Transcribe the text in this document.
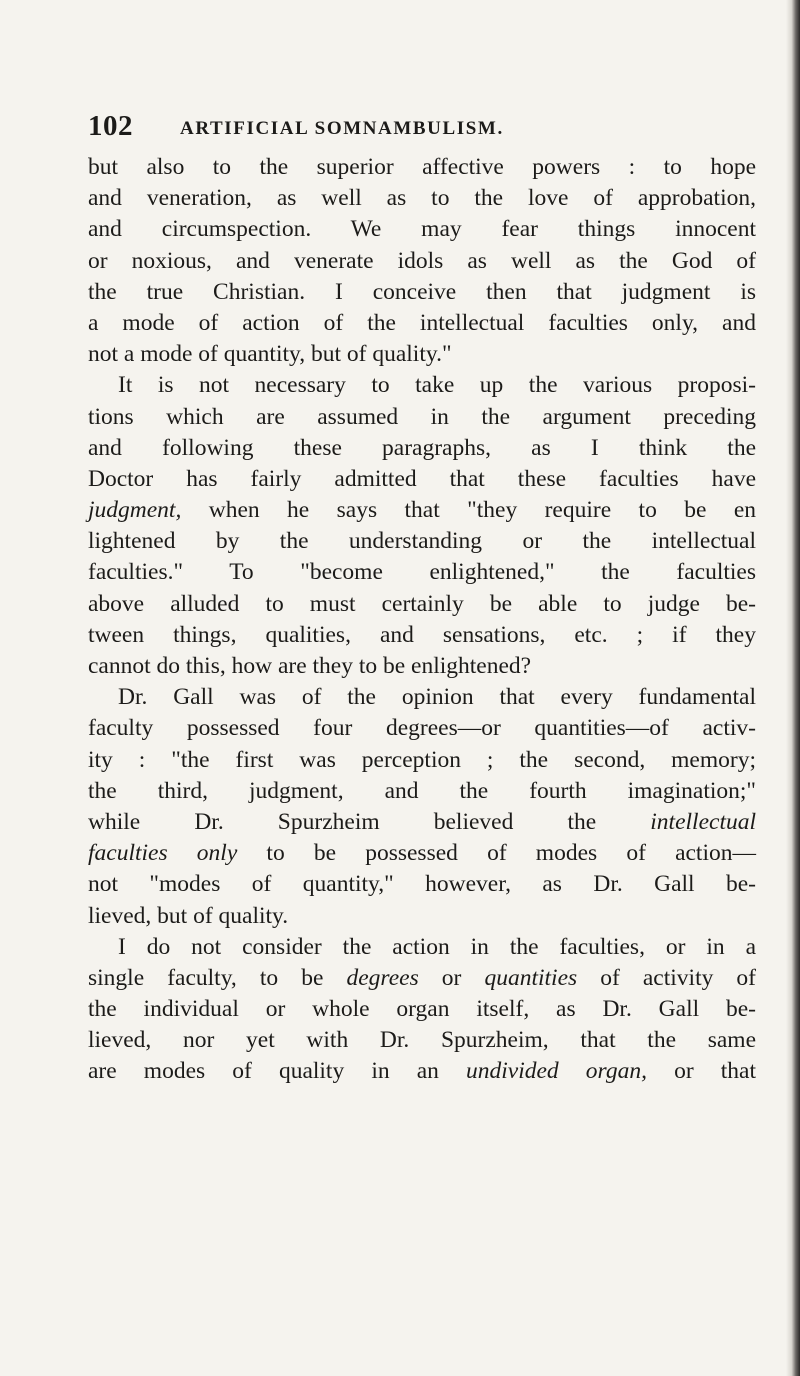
102 ARTIFICIAL SOMNAMBULISM.
but also to the superior affective powers : to hope
and veneration, as well as to the love of approbation,
and circumspection. We may fear things innocent
or noxious, and venerate idols as well as the God of
the true Christian. I conceive then that judgment is
a mode of action of the intellectual faculties only, and
not a mode of quantity, but of quality."
It is not necessary to take up the various proposi-
tions which are assumed in the argument preceding
and following these paragraphs, as I think the
Doctor has fairly admitted that these faculties have
judgment, when he says that "they require to be en
lightened by the understanding or the intellectual
faculties." To "become enlightened," the faculties
above alluded to must certainly be able to judge be-
tween things, qualities, and sensations, etc. ; if they
cannot do this, how are they to be enlightened?
Dr. Gall was of the opinion that every fundamental
faculty possessed four degrees—or quantities—of activ-
ity : "the first was perception ; the second, memory;
the third, judgment, and the fourth imagination;"
while Dr. Spurzheim believed the intellectual
faculties only to be possessed of modes of action—
not "modes of quantity," however, as Dr. Gall be-
lieved, but of quality.
I do not consider the action in the faculties, or in a
single faculty, to be degrees or quantities of activity of
the individual or whole organ itself, as Dr. Gall be-
lieved, nor yet with Dr. Spurzheim, that the same
are modes of quality in an undivided organ, or that
